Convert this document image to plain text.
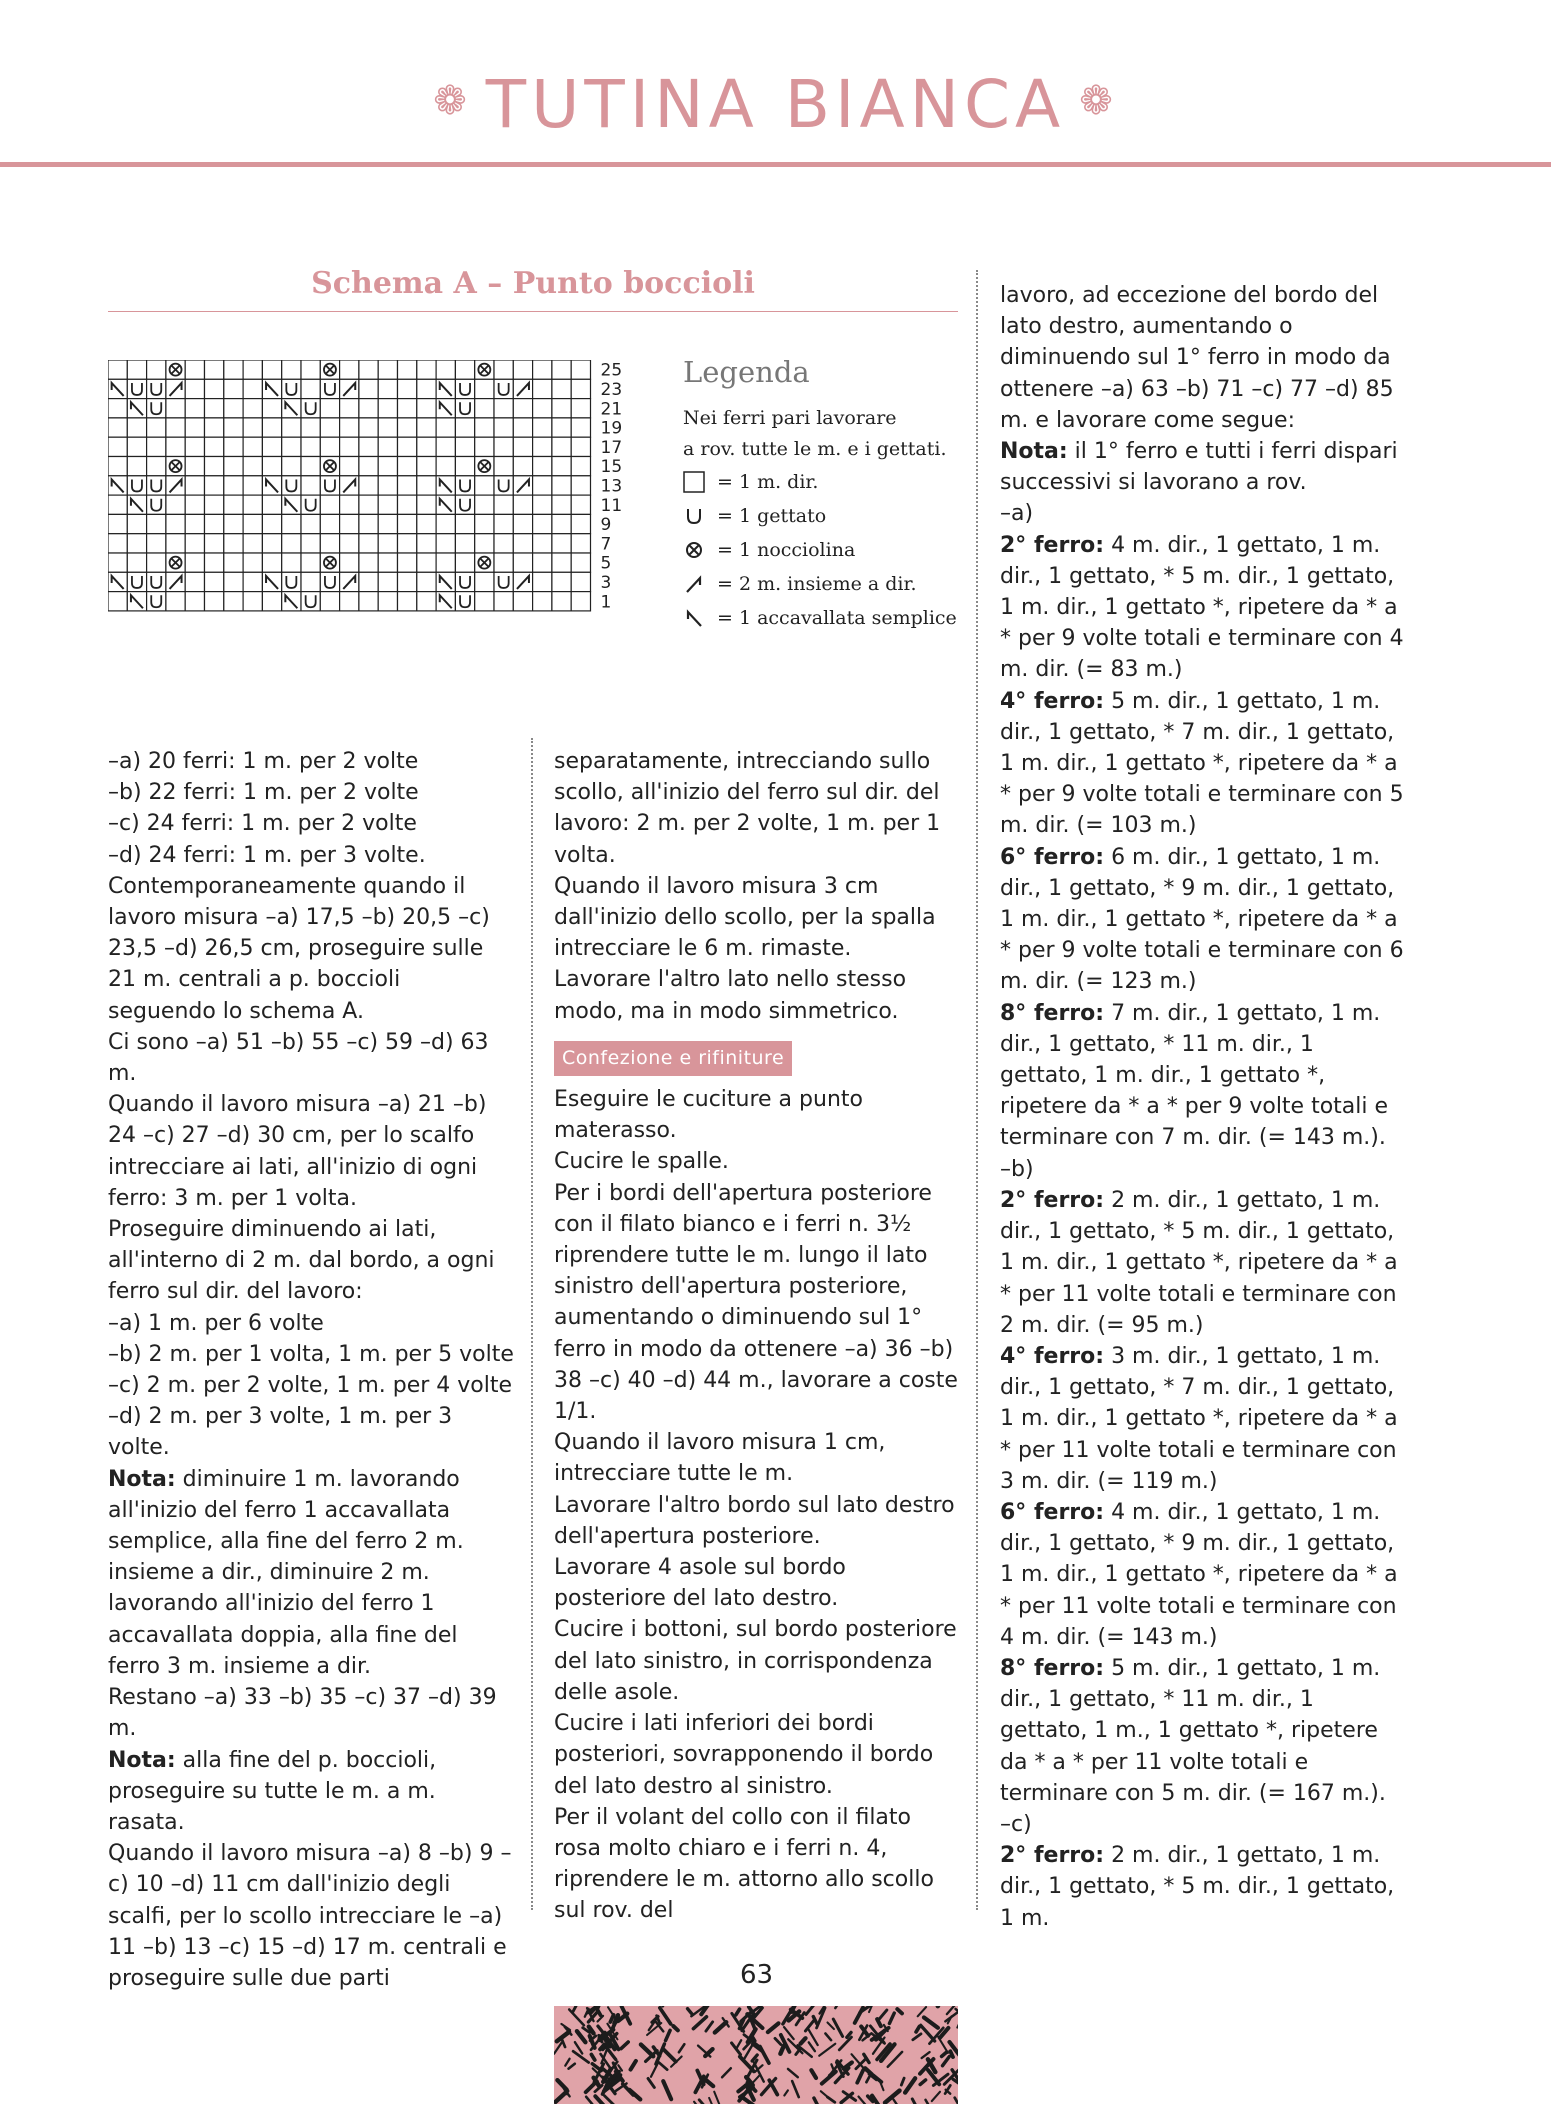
❁ TUTINA BIANCA ❁
Schema A – Punto boccioli
25
23
21
19
17
15
13
11
9
7
5
3
1
Legenda
Nei ferri pari lavorare
a rov. tutte le m. e i gettati.
= 1 m. dir.
= 1 gettato
= 1 nocciolina
= 2 m. insieme a dir.
= 1 accavallata semplice

–a) 20 ferri: 1 m. per 2 volte

–b) 22 ferri: 1 m. per 2 volte

–c) 24 ferri: 1 m. per 2 volte

–d) 24 ferri: 1 m. per 3 volte.

Contemporaneamente quando il lavoro misura –a) 17,5 –b) 20,5 –c) 23,5 –d) 26,5 cm, proseguire sulle 21 m. centrali a p. boccioli seguendo lo schema A.

Ci sono –a) 51 –b) 55 –c) 59 –d) 63 m.

Quando il lavoro misura –a) 21 –b) 24 –c) 27 –d) 30 cm, per lo scalfo intrecciare ai lati, all'inizio di ogni ferro: 3 m. per 1 volta.

Proseguire diminuendo ai lati, all'interno di 2 m. dal bordo, a ogni ferro sul dir. del lavoro:

–a) 1 m. per 6 volte

–b) 2 m. per 1 volta, 1 m. per 5 volte

–c) 2 m. per 2 volte, 1 m. per 4 volte

–d) 2 m. per 3 volte, 1 m. per 3 volte.

Nota: diminuire 1 m. lavorando all'inizio del ferro 1 accavallata semplice, alla fine del ferro 2 m. insieme a dir., diminuire 2 m. lavorando all'inizio del ferro 1 accavallata doppia, alla fine del ferro 3 m. insieme a dir.

Restano –a) 33 –b) 35 –c) 37 –d) 39 m.

Nota: alla fine del p. boccioli, proseguire su tutte le m. a m. rasata.

Quando il lavoro misura –a) 8 –b) 9 –c) 10 –d) 11 cm dall'inizio degli scalfi, per lo scollo intrecciare le –a) 11 –b) 13 –c) 15 –d) 17 m. centrali e proseguire sulle due parti

separatamente, intrecciando sullo scollo, all'inizio del ferro sul dir. del lavoro: 2 m. per 2 volte, 1 m. per 1 volta.

Quando il lavoro misura 3 cm dall'inizio dello scollo, per la spalla intrecciare le 6 m. rimaste.

Lavorare l'altro lato nello stesso modo, ma in modo simmetrico.

Confezione e rifiniture

Eseguire le cuciture a punto materasso.

Cucire le spalle.

Per i bordi dell'apertura posteriore con il filato bianco e i ferri n. 3½ riprendere tutte le m. lungo il lato sinistro dell'apertura posteriore, aumentando o diminuendo sul 1° ferro in modo da ottenere –a) 36 –b) 38 –c) 40 –d) 44 m., lavorare a coste 1/1.

Quando il lavoro misura 1 cm, intrecciare tutte le m.

Lavorare l'altro bordo sul lato destro dell'apertura posteriore.

Lavorare 4 asole sul bordo posteriore del lato destro.

Cucire i bottoni, sul bordo posteriore del lato sinistro, in corrispondenza delle asole.

Cucire i lati inferiori dei bordi posteriori, sovrapponendo il bordo del lato destro al sinistro.

Per il volant del collo con il filato rosa molto chiaro e i ferri n. 4, riprendere le m. attorno allo scollo sul rov. del

lavoro, ad eccezione del bordo del lato destro, aumentando o diminuendo sul 1° ferro in modo da ottenere –a) 63 –b) 71 –c) 77 –d) 85 m. e lavorare come segue:

Nota: il 1° ferro e tutti i ferri dispari successivi si lavorano a rov.

–a)

2° ferro: 4 m. dir., 1 gettato, 1 m. dir., 1 gettato, * 5 m. dir., 1 gettato, 1 m. dir., 1 gettato *, ripetere da * a * per 9 volte totali e terminare con 4 m. dir. (= 83 m.)

4° ferro: 5 m. dir., 1 gettato, 1 m. dir., 1 gettato, * 7 m. dir., 1 gettato, 1 m. dir., 1 gettato *, ripetere da * a * per 9 volte totali e terminare con 5 m. dir. (= 103 m.)

6° ferro: 6 m. dir., 1 gettato, 1 m. dir., 1 gettato, * 9 m. dir., 1 gettato, 1 m. dir., 1 gettato *, ripetere da * a * per 9 volte totali e terminare con 6 m. dir. (= 123 m.)

8° ferro: 7 m. dir., 1 gettato, 1 m. dir., 1 gettato, * 11 m. dir., 1 gettato, 1 m. dir., 1 gettato *, ripetere da * a * per 9 volte totali e terminare con 7 m. dir. (= 143 m.).

–b)

2° ferro: 2 m. dir., 1 gettato, 1 m. dir., 1 gettato, * 5 m. dir., 1 gettato, 1 m. dir., 1 gettato *, ripetere da * a * per 11 volte totali e terminare con 2 m. dir. (= 95 m.)

4° ferro: 3 m. dir., 1 gettato, 1 m. dir., 1 gettato, * 7 m. dir., 1 gettato, 1 m. dir., 1 gettato *, ripetere da * a * per 11 volte totali e terminare con 3 m. dir. (= 119 m.)

6° ferro: 4 m. dir., 1 gettato, 1 m. dir., 1 gettato, * 9 m. dir., 1 gettato, 1 m. dir., 1 gettato *, ripetere da * a * per 11 volte totali e terminare con 4 m. dir. (= 143 m.)

8° ferro: 5 m. dir., 1 gettato, 1 m. dir., 1 gettato, * 11 m. dir., 1 gettato, 1 m., 1 gettato *, ripetere da * a * per 11 volte totali e terminare con 5 m. dir. (= 167 m.).

–c)

2° ferro: 2 m. dir., 1 gettato, 1 m. dir., 1 gettato, * 5 m. dir., 1 gettato, 1 m.

63
